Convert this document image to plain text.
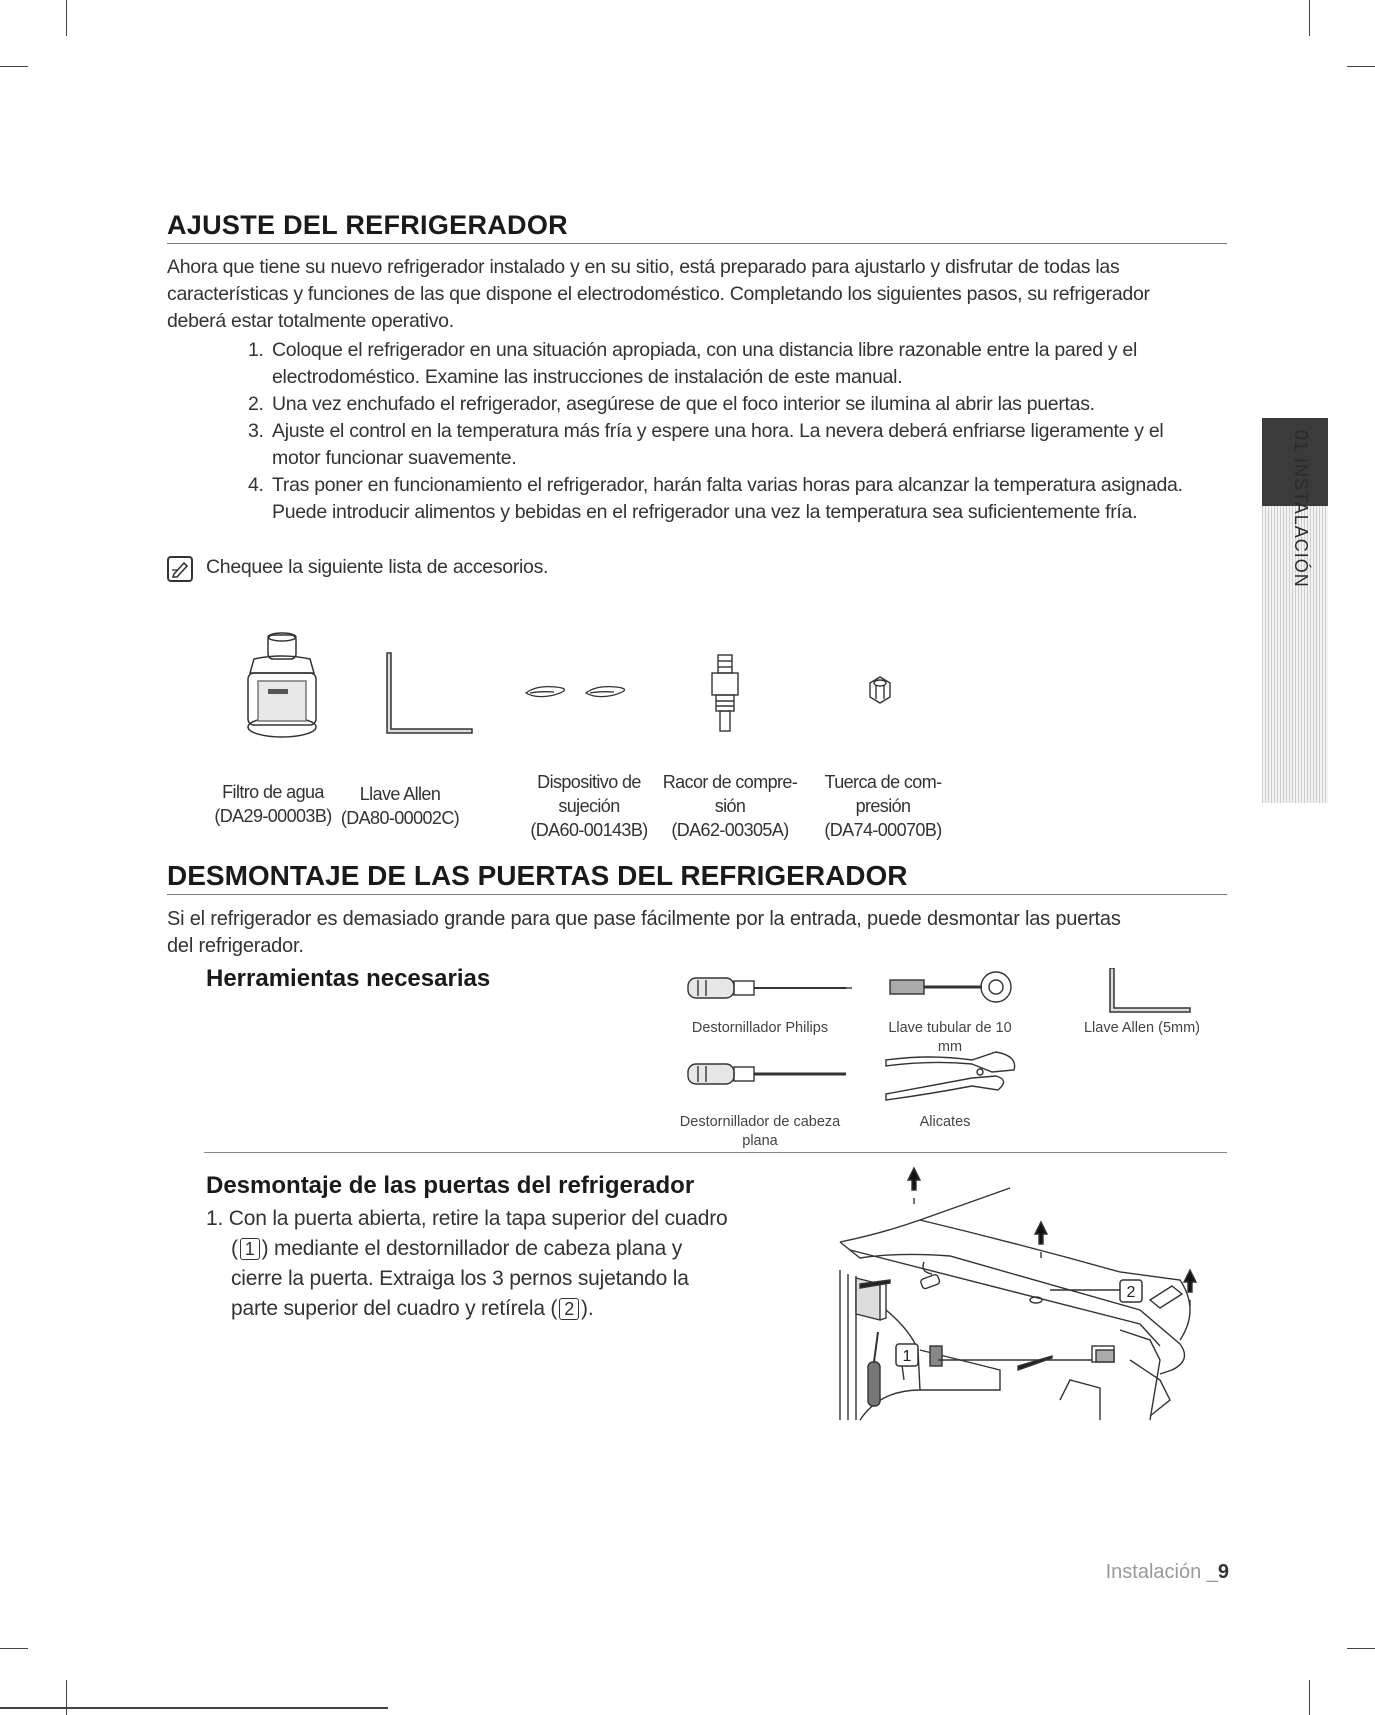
AJUSTE DEL REFRIGERADOR
Ahora que tiene su nuevo refrigerador instalado y en su sitio, está preparado para ajustarlo y disfrutar de todas las
características y funciones de las que dispone el electrodoméstico. Completando los siguientes pasos, su refrigerador
deberá estar totalmente operativo.
1. Coloque el refrigerador en una situación apropiada, con una distancia libre razonable entre la pared y el
electrodoméstico. Examine las instrucciones de instalación de este manual.
2. Una vez enchufado el refrigerador, asegúrese de que el foco interior se ilumina al abrir las puertas.
3. Ajuste el control en la temperatura más fría y espere una hora. La nevera deberá enfriarse ligeramente y el
motor funcionar suavemente.
4. Tras poner en funcionamiento el refrigerador, harán falta varias horas para alcanzar la temperatura asignada.
Puede introducir alimentos y bebidas en el refrigerador una vez la temperatura sea suficientemente fría.
Chequee la siguiente lista de accesorios.
Filtro de agua
(DA29-00003B)
Llave Allen
(DA80-00002C)
Dispositivo de
sujeción
(DA60-00143B)
Racor de compre-
sión
(DA62-00305A)
Tuerca de com-
presión
(DA74-00070B)
DESMONTAJE DE LAS PUERTAS DEL REFRIGERADOR
Si el refrigerador es demasiado grande para que pase fácilmente por la entrada, puede desmontar las puertas
del refrigerador.
Herramientas necesarias
Destornillador Philips	Llave tubular de 10
mm
Llave Allen (5mm)
Destornillador de cabeza
plana
Alicates
Desmontaje de las puertas del refrigerador
1. Con la puerta abierta, retire la tapa superior del cuadro
( 1 ) mediante el destornillador de cabeza plana y
cierre la puerta. Extraiga los 3 pernos sujetando la
parte superior del cuadro y retírela ( 2 ).
1
2
01 INSTALACIÓN
Instalación _9
